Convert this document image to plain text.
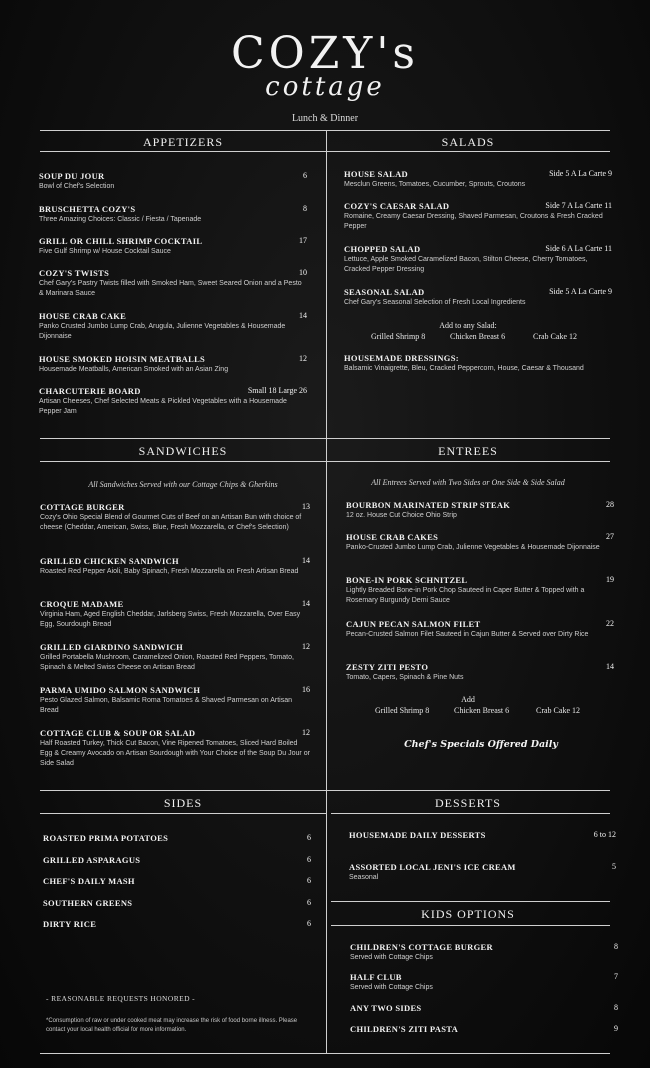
COZY's
cottage
Lunch & Dinner
APPETIZERS	SALADS
SANDWICHES	ENTREES
SIDES	DESSERTS
KIDS OPTIONS
SOUP DU JOUR	6
Bowl of Chef's Selection
BRUSCHETTA COZY'S	8
Three Amazing Choices: Classic / Fiesta / Tapenade
GRILL OR CHILL SHRIMP COCKTAIL	17
Five Gulf Shrimp w/ House Cocktail Sauce
COZY'S TWISTS	10
Chef Gary's Pastry Twists filled with Smoked Ham, Sweet Seared Onion and a Pesto & Marinara Sauce
HOUSE CRAB CAKE	14
Panko Crusted Jumbo Lump Crab, Arugula, Julienne Vegetables & Housemade Dijonnaise
HOUSE SMOKED HOISIN MEATBALLS	12
Housemade Meatballs, American Smoked with an Asian Zing
CHARCUTERIE BOARD	Small 18 Large 26
Artisan Cheeses, Chef Selected Meats & Pickled Vegetables with a Housemade Pepper Jam
HOUSE SALAD	Side 5 A La Carte 9
Mesclun Greens, Tomatoes, Cucumber, Sprouts, Croutons
COZY'S CAESAR SALAD	Side 7 A La Carte 11
Romaine, Creamy Caesar Dressing, Shaved Parmesan, Croutons & Fresh Cracked Pepper
CHOPPED SALAD	Side 6 A La Carte 11
Lettuce, Apple Smoked Caramelized Bacon, Stilton Cheese, Cherry Tomatoes, Cracked Pepper Dressing
SEASONAL SALAD	Side 5 A La Carte 9
Chef Gary's Seasonal Selection of Fresh Local Ingredients
Add to any Salad:
Grilled Shrimp 8	Chicken Breast 6	Crab Cake 12
HOUSEMADE DRESSINGS:
Balsamic Vinaigrette, Bleu, Cracked Peppercorn, House, Caesar & Thousand
All Sandwiches Served with our Cottage Chips & Gherkins
COTTAGE BURGER	13
Cozy's Ohio Special Blend of Gourmet Cuts of Beef on an Artisan Bun with choice of cheese (Cheddar, American, Swiss, Blue, Fresh Mozzarella, or Chef's Selection)
GRILLED CHICKEN SANDWICH	14
Roasted Red Pepper Aioli, Baby Spinach, Fresh Mozzarella on Fresh Artisan Bread
CROQUE MADAME	14
Virginia Ham, Aged English Cheddar, Jarlsberg Swiss, Fresh Mozzarella, Over Easy Egg, Sourdough Bread
GRILLED GIARDINO SANDWICH	12
Grilled Portabella Mushroom, Caramelized Onion, Roasted Red Peppers, Tomato, Spinach & Melted Swiss Cheese on Artisan Bread
PARMA UMIDO SALMON SANDWICH	16
Pesto Glazed Salmon, Balsamic Roma Tomatoes & Shaved Parmesan on Artisan Bread
COTTAGE CLUB & SOUP OR SALAD	12
Half Roasted Turkey, Thick Cut Bacon, Vine Ripened Tomatoes, Sliced Hard Boiled Egg & Creamy Avocado on Artisan Sourdough with Your Choice of the Soup Du Jour or Side Salad
All Entrees Served with Two Sides or One Side & Side Salad
BOURBON MARINATED STRIP STEAK	28
12 oz. House Cut Choice Ohio Strip
HOUSE CRAB CAKES	27
Panko-Crusted Jumbo Lump Crab, Julienne Vegetables & Housemade Dijonnaise
BONE-IN PORK SCHNITZEL	19
Lightly Breaded Bone-in Pork Chop Sauteed in Caper Butter & Topped with a Rosemary Burgundy Demi Sauce
CAJUN PECAN SALMON FILET	22
Pecan-Crusted Salmon Filet Sauteed in Cajun Butter & Served over Dirty Rice
ZESTY ZITI PESTO	14
Tomato, Capers, Spinach & Pine Nuts
Add
Grilled Shrimp 8	Chicken Breast 6	Crab Cake 12
Chef's Specials Offered Daily
ROASTED PRIMA POTATOES	6
GRILLED ASPARAGUS	6
CHEF'S DAILY MASH	6
SOUTHERN GREENS	6
DIRTY RICE	6
HOUSEMADE DAILY DESSERTS	6 to 12
ASSORTED LOCAL JENI'S ICE CREAM	5
Seasonal
CHILDREN'S COTTAGE BURGER	8
Served with Cottage Chips
HALF CLUB	7
Served with Cottage Chips
ANY TWO SIDES	8
CHILDREN'S ZITI PASTA	9
- REASONABLE REQUESTS HONORED -
*Consumption of raw or under cooked meat may increase the risk of food borne illness. Please contact your local health official for more information.
